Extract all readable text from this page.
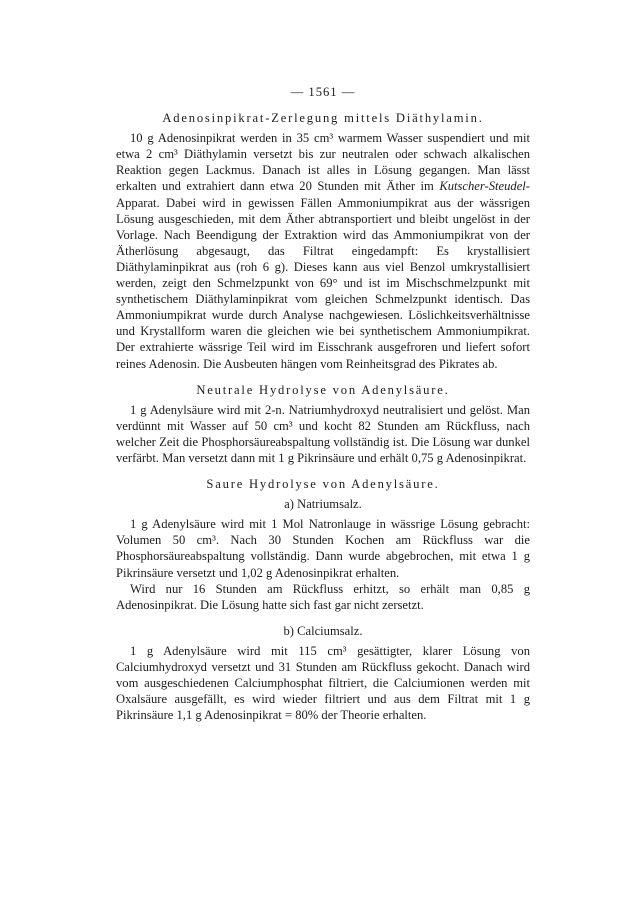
— 1561 —
Adenosinpikrat-Zerlegung mittels Diäthylamin.

10 g Adenosinpikrat werden in 35 cm³ warmem Wasser suspendiert und mit etwa 2 cm³ Diäthylamin versetzt bis zur neutralen oder schwach alkalischen Reaktion gegen Lackmus. Danach ist alles in Lösung gegangen. Man lässt erkalten und extrahiert dann etwa 20 Stunden mit Äther im Kutscher-Steudel-Apparat. Dabei wird in gewissen Fällen Ammoniumpikrat aus der wässrigen Lösung ausgeschieden, mit dem Äther abtransportiert und bleibt ungelöst in der Vorlage. Nach Beendigung der Extraktion wird das Ammoniumpikrat von der Ätherlösung abgesaugt, das Filtrat eingedampft: Es krystallisiert Diäthylaminpikrat aus (roh 6 g). Dieses kann aus viel Benzol umkrystallisiert werden, zeigt den Schmelzpunkt von 69° und ist im Mischschmelzpunkt mit synthetischem Diäthylaminpikrat vom gleichen Schmelzpunkt identisch. Das Ammoniumpikrat wurde durch Analyse nachgewiesen. Löslichkeitsverhältnisse und Krystallform waren die gleichen wie bei synthetischem Ammoniumpikrat. Der extrahierte wässrige Teil wird im Eisschrank ausgefroren und liefert sofort reines Adenosin. Die Ausbeuten hängen vom Reinheitsgrad des Pikrates ab.

Neutrale Hydrolyse von Adenylsäure.

1 g Adenylsäure wird mit 2-n. Natriumhydroxyd neutralisiert und gelöst. Man verdünnt mit Wasser auf 50 cm³ und kocht 82 Stunden am Rückfluss, nach welcher Zeit die Phosphorsäureabspaltung vollständig ist. Die Lösung war dunkel verfärbt. Man versetzt dann mit 1 g Pikrinsäure und erhält 0,75 g Adenosinpikrat.

Saure Hydrolyse von Adenylsäure.
a) Natriumsalz.

1 g Adenylsäure wird mit 1 Mol Natronlauge in wässrige Lösung gebracht: Volumen 50 cm³. Nach 30 Stunden Kochen am Rückfluss war die Phosphorsäureabspaltung vollständig. Dann wurde abgebrochen, mit etwa 1 g Pikrinsäure versetzt und 1,02 g Adenosinpikrat erhalten.

Wird nur 16 Stunden am Rückfluss erhitzt, so erhält man 0,85 g Adenosinpikrat. Die Lösung hatte sich fast gar nicht zersetzt.

b) Calciumsalz.

1 g Adenylsäure wird mit 115 cm³ gesättigter, klarer Lösung von Calciumhydroxyd versetzt und 31 Stunden am Rückfluss gekocht. Danach wird vom ausgeschiedenen Calciumphosphat filtriert, die Calciumionen werden mit Oxalsäure ausgefällt, es wird wieder filtriert und aus dem Filtrat mit 1 g Pikrinsäure 1,1 g Adenosinpikrat = 80% der Theorie erhalten.
